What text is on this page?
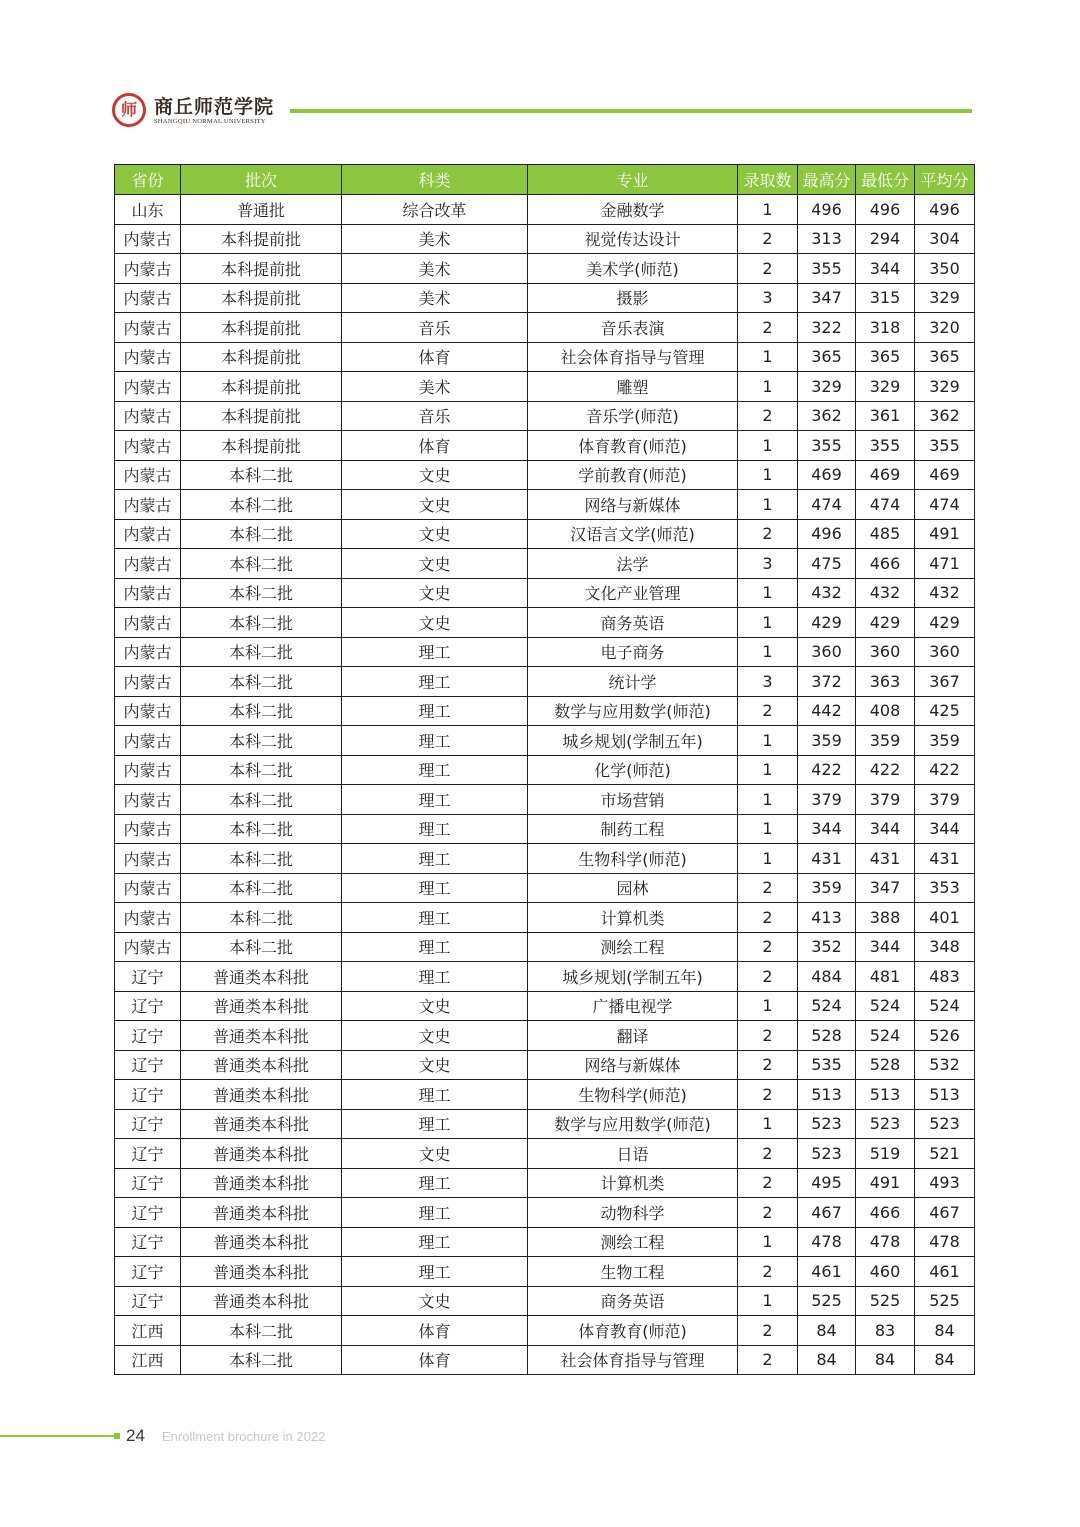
师 商丘师范学院
SHANGQIU NORMAL UNIVERSITY
省份	批次	科类	专业	录取数	最高分	最低分	平均分
山东	普通批	综合改革	金融数学	1	496	496	496
内蒙古	本科提前批	美术	视觉传达设计	2	313	294	304
内蒙古	本科提前批	美术	美术学(师范)	2	355	344	350
内蒙古	本科提前批	美术	摄影	3	347	315	329
内蒙古	本科提前批	音乐	音乐表演	2	322	318	320
内蒙古	本科提前批	体育	社会体育指导与管理	1	365	365	365
内蒙古	本科提前批	美术	雕塑	1	329	329	329
内蒙古	本科提前批	音乐	音乐学(师范)	2	362	361	362
内蒙古	本科提前批	体育	体育教育(师范)	1	355	355	355
内蒙古	本科二批	文史	学前教育(师范)	1	469	469	469
内蒙古	本科二批	文史	网络与新媒体	1	474	474	474
内蒙古	本科二批	文史	汉语言文学(师范)	2	496	485	491
内蒙古	本科二批	文史	法学	3	475	466	471
内蒙古	本科二批	文史	文化产业管理	1	432	432	432
内蒙古	本科二批	文史	商务英语	1	429	429	429
内蒙古	本科二批	理工	电子商务	1	360	360	360
内蒙古	本科二批	理工	统计学	3	372	363	367
内蒙古	本科二批	理工	数学与应用数学(师范)	2	442	408	425
内蒙古	本科二批	理工	城乡规划(学制五年)	1	359	359	359
内蒙古	本科二批	理工	化学(师范)	1	422	422	422
内蒙古	本科二批	理工	市场营销	1	379	379	379
内蒙古	本科二批	理工	制药工程	1	344	344	344
内蒙古	本科二批	理工	生物科学(师范)	1	431	431	431
内蒙古	本科二批	理工	园林	2	359	347	353
内蒙古	本科二批	理工	计算机类	2	413	388	401
内蒙古	本科二批	理工	测绘工程	2	352	344	348
辽宁	普通类本科批	理工	城乡规划(学制五年)	2	484	481	483
辽宁	普通类本科批	文史	广播电视学	1	524	524	524
辽宁	普通类本科批	文史	翻译	2	528	524	526
辽宁	普通类本科批	文史	网络与新媒体	2	535	528	532
辽宁	普通类本科批	理工	生物科学(师范)	2	513	513	513
辽宁	普通类本科批	理工	数学与应用数学(师范)	1	523	523	523
辽宁	普通类本科批	文史	日语	2	523	519	521
辽宁	普通类本科批	理工	计算机类	2	495	491	493
辽宁	普通类本科批	理工	动物科学	2	467	466	467
辽宁	普通类本科批	理工	测绘工程	1	478	478	478
辽宁	普通类本科批	理工	生物工程	2	461	460	461
辽宁	普通类本科批	文史	商务英语	1	525	525	525
江西	本科二批	体育	体育教育(师范)	2	84	83	84
江西	本科二批	体育	社会体育指导与管理	2	84	84	84
24 Enrollment brochure in 2022
